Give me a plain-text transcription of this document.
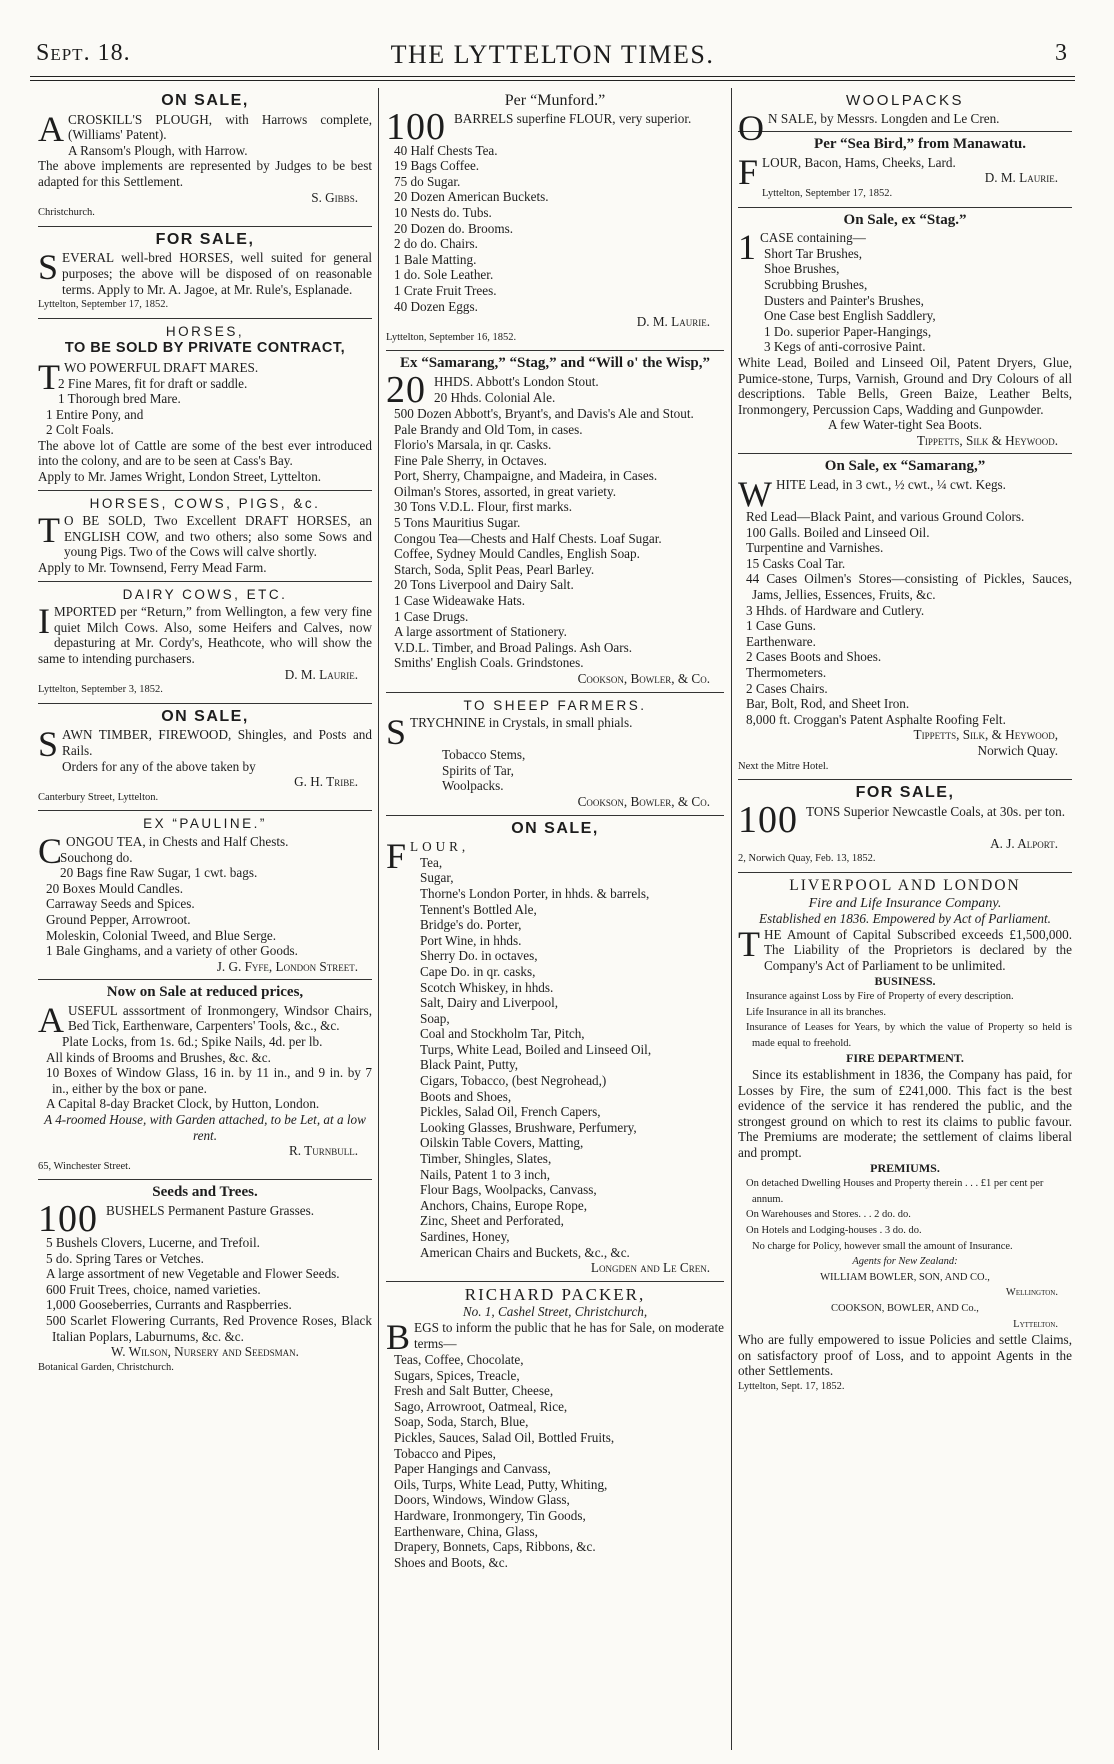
Sept. 18.	THE LYTTELTON TIMES.	3
ON SALE,
ACROSKILL'S PLOUGH, with Harrows complete, (Williams' Patent).
A Ransom's Plough, with Harrow.
The above implements are represented by Judges to be best adapted for this Settlement.
S. Gibbs.
Christchurch.
FOR SALE,
SEVERAL well-bred HORSES, well suited for general purposes; the above will be disposed of on reasonable terms. Apply to Mr. A. Jagoe, at Mr. Rule's, Esplanade.
Lyttelton, September 17, 1852.
HORSES,
TO BE SOLD BY PRIVATE CONTRACT,
TWO POWERFUL DRAFT MARES.
2 Fine Mares, fit for draft or saddle.
1 Thorough bred Mare.
1 Entire Pony, and
2 Colt Foals.
The above lot of Cattle are some of the best ever introduced into the colony, and are to be seen at Cass's Bay.
Apply to Mr. James Wright, London Street, Lyttelton.
HORSES, COWS, PIGS, &c.
T O BE SOLD, Two Excellent DRAFT HORSES, an ENGLISH COW, and two others; also some Sows and young Pigs. Two of the Cows will calve shortly.
Apply to Mr. Townsend, Ferry Mead Farm.
DAIRY COWS, ETC.
IMPORTED per “Return,” from Wellington, a few very fine quiet Milch Cows. Also, some Heifers and Calves, now depasturing at Mr. Cordy's, Heathcote, who will show the same to intending purchasers.
D. M. Laurie.
Lyttelton, September 3, 1852.
ON SALE,
SAWN TIMBER, FIREWOOD, Shingles, and Posts and Rails.
Orders for any of the above taken by
G. H. Tribe.
Canterbury Street, Lyttelton.
EX “PAULINE.”
CONGOU TEA, in Chests and Half Chests.
Souchong do.
20 Bags fine Raw Sugar, 1 cwt. bags.
20 Boxes Mould Candles.
Carraway Seeds and Spices.
Ground Pepper, Arrowroot.
Moleskin, Colonial Tweed, and Blue Serge.
1 Bale Ginghams, and a variety of other Goods.
J. G. Fyfe, London Street.
Now on Sale at reduced prices,
AUSEFUL asssortment of Ironmongery, Windsor Chairs, Bed Tick, Earthenware, Carpenters' Tools, &c., &c.
Plate Locks, from 1s. 6d.; Spike Nails, 4d. per lb.
All kinds of Brooms and Brushes, &c. &c.
10 Boxes of Window Glass, 16 in. by 11 in., and 9 in. by 7 in., either by the box or pane.
A Capital 8-day Bracket Clock, by Hutton, London.
A 4-roomed House, with Garden attached, to be Let, at a low rent.
R. Turnbull.
65, Winchester Street.
Seeds and Trees.
100 BUSHELS Permanent Pasture Grasses.
5 Bushels Clovers, Lucerne, and Trefoil.
5 do. Spring Tares or Vetches.
A large assortment of new Vegetable and Flower Seeds.
600 Fruit Trees, choice, named varieties.
1,000 Gooseberries, Currants and Raspberries.
500 Scarlet Flowering Currants, Red Provence Roses, Black Italian Poplars, Laburnums, &c. &c.
W. Wilson, Nursery and Seedsman.
Botanical Garden, Christchurch.
Per “Munford.”
100 BARRELS superfine FLOUR, very superior.
40 Half Chests Tea.
19 Bags Coffee.
75 do Sugar.
20 Dozen American Buckets.
10 Nests do. Tubs.
20 Dozen do. Brooms.
2 do do. Chairs.
1 Bale Matting.
1 do. Sole Leather.
1 Crate Fruit Trees.
40 Dozen Eggs.
D. M. Laurie.
Lyttelton, September 16, 1852.
Ex “Samarang,” “Stag,” and “Will o' the Wisp,”
20 HHDS. Abbott's London Stout.
20 Hhds. Colonial Ale.
500 Dozen Abbott's, Bryant's, and Davis's Ale and Stout.
Pale Brandy and Old Tom, in cases.
Florio's Marsala, in qr. Casks.
Fine Pale Sherry, in Octaves.
Port, Sherry, Champaigne, and Madeira, in Cases.
Oilman's Stores, assorted, in great variety.
30 Tons V.D.L. Flour, first marks.
5 Tons Mauritius Sugar.
Congou Tea—Chests and Half Chests. Loaf Sugar.
Coffee, Sydney Mould Candles, English Soap.
Starch, Soda, Split Peas, Pearl Barley.
20 Tons Liverpool and Dairy Salt.
1 Case Wideawake Hats.
1 Case Drugs.
A large assortment of Stationery.
V.D.L. Timber, and Broad Palings. Ash Oars.
Smiths' English Coals. Grindstones.
Cookson, Bowler, & Co.
TO SHEEP FARMERS.
STRYCHNINE in Crystals, in small phials.
Tobacco Stems,
Spirits of Tar,
Woolpacks.
Cookson, Bowler, & Co.
ON SALE,
FLOUR,
Tea,
Sugar,
Thorne's London Porter, in hhds. & barrels,
Tennent's Bottled Ale,
Bridge's do. Porter,
Port Wine, in hhds.
Sherry Do. in octaves,
Cape Do. in qr. casks,
Scotch Whiskey, in hhds.
Salt, Dairy and Liverpool,
Soap,
Coal and Stockholm Tar, Pitch,
Turps, White Lead, Boiled and Linseed Oil,
Black Paint, Putty,
Cigars, Tobacco, (best Negrohead,)
Boots and Shoes,
Pickles, Salad Oil, French Capers,
Looking Glasses, Brushware, Perfumery,
Oilskin Table Covers, Matting,
Timber, Shingles, Slates,
Nails, Patent 1 to 3 inch,
Flour Bags, Woolpacks, Canvass,
Anchors, Chains, Europe Rope,
Zinc, Sheet and Perforated,
Sardines, Honey,
American Chairs and Buckets, &c., &c.
Longden and Le Cren.
RICHARD PACKER,
No. 1, Cashel Street, Christchurch,
BEGS to inform the public that he has for Sale, on moderate terms—
Teas, Coffee, Chocolate,
Sugars, Spices, Treacle,
Fresh and Salt Butter, Cheese,
Sago, Arrowroot, Oatmeal, Rice,
Soap, Soda, Starch, Blue,
Pickles, Sauces, Salad Oil, Bottled Fruits,
Tobacco and Pipes,
Paper Hangings and Canvass,
Oils, Turps, White Lead, Putty, Whiting,
Doors, Windows, Window Glass,
Hardware, Ironmongery, Tin Goods,
Earthenware, China, Glass,
Drapery, Bonnets, Caps, Ribbons, &c.
Shoes and Boots, &c.
WOOLPACKS
O N SALE, by Messrs. Longden and Le Cren.
Per “Sea Bird,” from Manawatu.
FLOUR, Bacon, Hams, Cheeks, Lard.
D. M. Laurie.
Lyttelton, September 17, 1852.
On Sale, ex “Stag.”
1 CASE containing—
Short Tar Brushes,
Shoe Brushes,
Scrubbing Brushes,
Dusters and Painter's Brushes,
One Case best English Saddlery,
1 Do. superior Paper-Hangings,
3 Kegs of anti-corrosive Paint.
White Lead, Boiled and Linseed Oil, Patent Dryers, Glue, Pumice-stone, Turps, Varnish, Ground and Dry Colours of all descriptions. Table Bells, Green Baize, Leather Belts, Ironmongery, Percussion Caps, Wadding and Gunpowder.
A few Water-tight Sea Boots.
Tippetts, Silk & Heywood.
On Sale, ex “Samarang,”
WHITE Lead, in 3 cwt., ½ cwt., ¼ cwt. Kegs.
Red Lead—Black Paint, and various Ground Colors.
100 Galls. Boiled and Linseed Oil.
Turpentine and Varnishes.
15 Casks Coal Tar.
44 Cases Oilmen's Stores—consisting of Pickles, Sauces, Jams, Jellies, Essences, Fruits, &c.
3 Hhds. of Hardware and Cutlery.
1 Case Guns.
Earthenware.
2 Cases Boots and Shoes.
Thermometers.
2 Cases Chairs.
Bar, Bolt, Rod, and Sheet Iron.
8,000 ft. Croggan's Patent Asphalte Roofing Felt.
Tippetts, Silk, & Heywood,
Norwich Quay.
Next the Mitre Hotel.
FOR SALE,
100 TONS Superior Newcastle Coals, at 30s. per ton.
A. J. Alport.
2, Norwich Quay, Feb. 13, 1852.
LIVERPOOL AND LONDON
Fire and Life Insurance Company.
Established en 1836. Empowered by Act of Parliament.
THE Amount of Capital Subscribed exceeds £1,500,000. The Liability of the Proprietors is declared by the Company's Act of Parliament to be unlimited.
BUSINESS.
Insurance against Loss by Fire of Property of every description.
Life Insurance in all its branches.
Insurance of Leases for Years, by which the value of Property so held is made equal to freehold.
FIRE DEPARTMENT.
Since its establishment in 1836, the Company has paid, for Losses by Fire, the sum of £241,000. This fact is the best evidence of the service it has rendered the public, and the strongest ground on which to rest its claims to public favour. The Premiums are moderate; the settlement of claims liberal and prompt.
PREMIUMS.
On detached Dwelling Houses and Property therein . . . £1 per cent per annum.
On Warehouses and Stores. . . 2 do. do.
On Hotels and Lodging-houses . 3 do. do.
No charge for Policy, however small the amount of Insurance.
Agents for New Zealand:
WILLIAM BOWLER, SON, AND CO.,
Wellington.
COOKSON, BOWLER, AND Co.,
Lyttelton.
Who are fully empowered to issue Policies and settle Claims, on satisfactory proof of Loss, and to appoint Agents in the other Settlements.
Lyttelton, Sept. 17, 1852.
